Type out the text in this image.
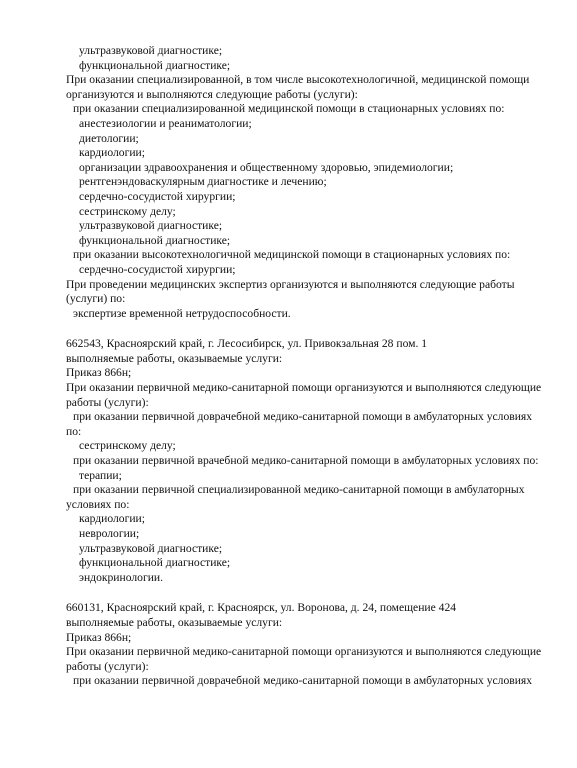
ультразвуковой диагностике;
функциональной диагностике;
При оказании специализированной, в том числе высокотехнологичной, медицинской помощи
организуются и выполняются следующие работы (услуги):
при оказании специализированной медицинской помощи в стационарных условиях по:
анестезиологии и реаниматологии;
диетологии;
кардиологии;
организации здравоохранения и общественному здоровью, эпидемиологии;
рентгенэндоваскулярным диагностике и лечению;
сердечно-сосудистой хирургии;
сестринскому делу;
ультразвуковой диагностике;
функциональной диагностике;
при оказании высокотехнологичной медицинской помощи в стационарных условиях по:
сердечно-сосудистой хирургии;
При проведении медицинских экспертиз организуются и выполняются следующие работы
(услуги) по:
экспертизе временной нетрудоспособности.
662543, Красноярский край, г. Лесосибирск, ул. Привокзальная 28 пом. 1
выполняемые работы, оказываемые услуги:
Приказ 866н;
При оказании первичной медико-санитарной помощи организуются и выполняются следующие
работы (услуги):
при оказании первичной доврачебной медико-санитарной помощи в амбулаторных условиях
по:
сестринскому делу;
при оказании первичной врачебной медико-санитарной помощи в амбулаторных условиях по:
терапии;
при оказании первичной специализированной медико-санитарной помощи в амбулаторных
условиях по:
кардиологии;
неврологии;
ультразвуковой диагностике;
функциональной диагностике;
эндокринологии.
660131, Красноярский край, г. Красноярск, ул. Воронова, д. 24, помещение 424
выполняемые работы, оказываемые услуги:
Приказ 866н;
При оказании первичной медико-санитарной помощи организуются и выполняются следующие
работы (услуги):
при оказании первичной доврачебной медико-санитарной помощи в амбулаторных условиях
